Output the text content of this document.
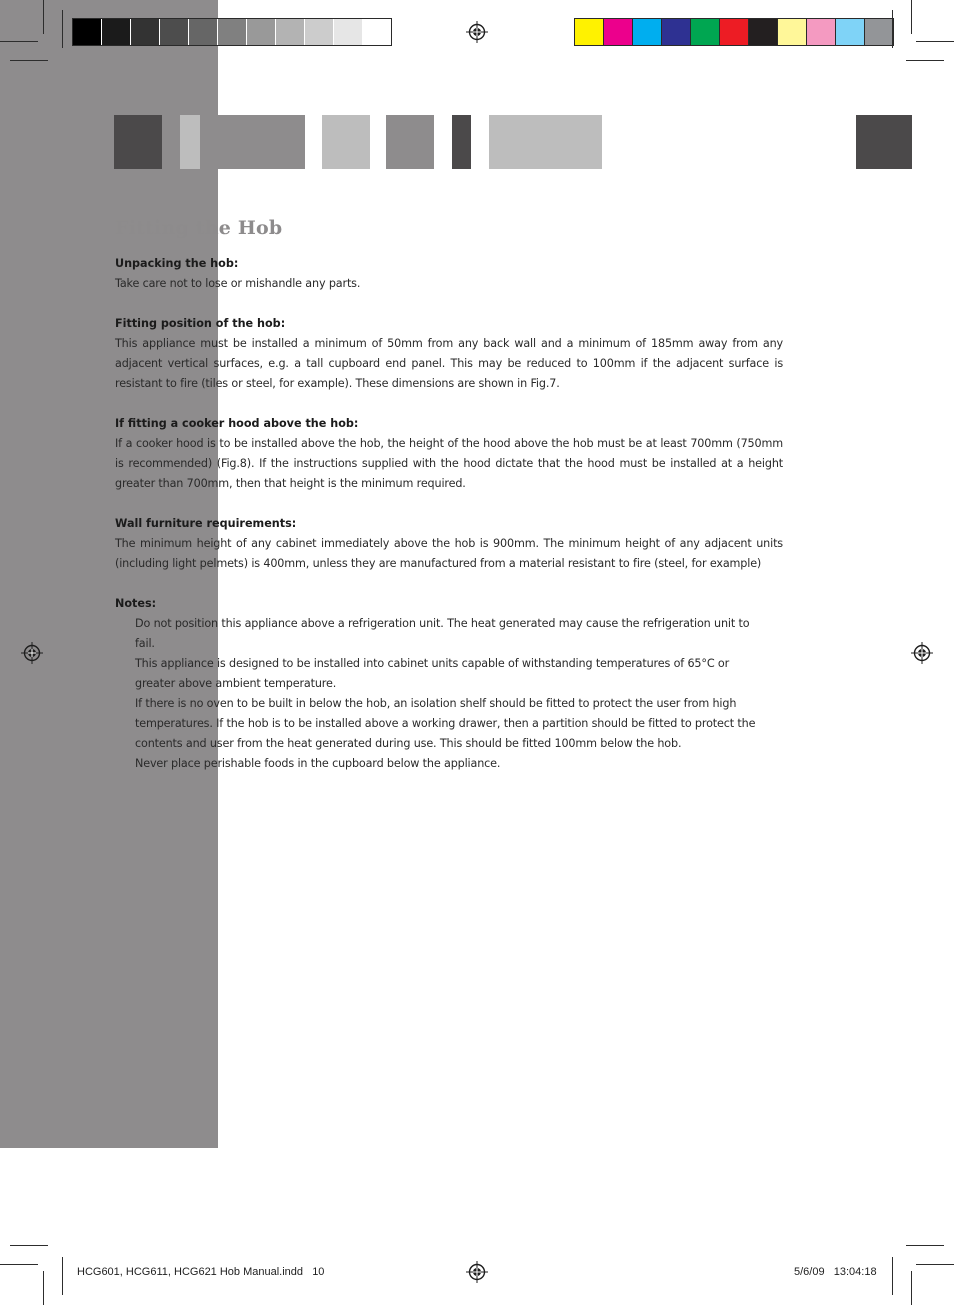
Fitting the Hob

Unpacking the hob:

Take care not to lose or mishandle any parts.

Fitting position of the hob:

This appliance must be installed a minimum of 50mm from any back wall and a minimum of 185mm away from any adjacent vertical surfaces, e.g. a tall cupboard end panel. This may be reduced to 100mm if the adjacent surface is resistant to fire (tiles or steel, for example). These dimensions are shown in Fig.7.

If fitting a cooker hood above the hob:

If a cooker hood is to be installed above the hob, the height of the hood above the hob must be at least 700mm (750mm is recommended) (Fig.8). If the instructions supplied with the hood dictate that the hood must be installed at a height greater than 700mm, then that height is the minimum required.

Wall furniture requirements:

The minimum height of any cabinet immediately above the hob is 900mm. The minimum height of any adjacent units (including light pelmets) is 400mm, unless they are manufactured from a material resistant to fire (steel, for example)

Notes:

• Do not position this appliance above a refrigeration unit. The heat generated may cause the refrigeration unit to fail.
• This appliance is designed to be installed into cabinet units capable of withstanding temperatures of 65°C or greater above ambient temperature.
• If there is no oven to be built in below the hob, an isolation shelf should be fitted to protect the user from high temperatures. If the hob is to be installed above a working drawer, then a partition should be fitted to protect the contents and user from the heat generated during use. This should be fitted 100mm below the hob.
• Never place perishable foods in the cupboard below the appliance.
HCG601, HCG611, HCG621 Hob Manual.indd   10	5/6/09   13:04:18
